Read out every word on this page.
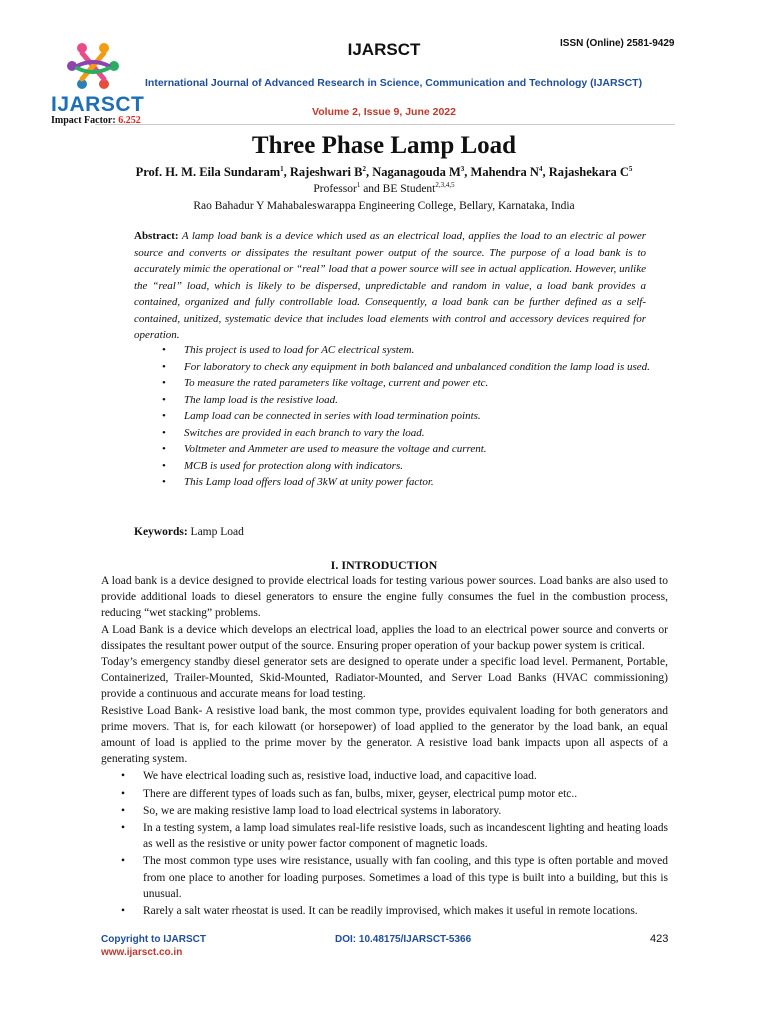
IJARSCT
Impact Factor: 6.252
IJARSCT	ISSN (Online) 2581-9429
International Journal of Advanced Research in Science, Communication and Technology (IJARSCT)
Volume 2, Issue 9, June 2022
Three Phase Lamp Load
Prof. H. M. Eila Sundaram$^1$, Rajeshwari $B^2$, Naganagouda $M^3$, Mahendra $N^4$, Rajashekara $C^5$
Professor$^1$ and BE Student$^{2,3,4,5}$
Rao Bahadur Y Mahabaleswarappa Engineering College, Bellary, Karnataka, India
Abstract: A lamp load bank is a device which used as an electrical load, applies the load to an electric al power source and converts or dissipates the resultant power output of the source. The purpose of a load bank is to accurately mimic the operational or “real” load that a power source will see in actual application. However, unlike the “real” load, which is likely to be dispersed, unpredictable and random in value, a load bank provides a contained, organized and fully controllable load. Consequently, a load bank can be further defined as a self-contained, unitized, systematic device that includes load elements with control and accessory devices required for operation.
• This project is used to load for AC electrical system.
• For laboratory to check any equipment in both balanced and unbalanced condition the lamp load is used.
• To measure the rated parameters like voltage, current and power etc.
• The lamp load is the resistive load.
• Lamp load can be connected in series with load termination points.
• Switches are provided in each branch to vary the load.
• Voltmeter and Ammeter are used to measure the voltage and current.
• MCB is used for protection along with indicators.
• This Lamp load offers load of 3kW at unity power factor.
Keywords: Lamp Load
I. INTRODUCTION

A load bank is a device designed to provide electrical loads for testing various power sources. Load banks are also used to provide additional loads to diesel generators to ensure the engine fully consumes the fuel in the combustion process, reducing “wet stacking” problems.

A Load Bank is a device which develops an electrical load, applies the load to an electrical power source and converts or dissipates the resultant power output of the source. Ensuring proper operation of your backup power system is critical.

Today’s emergency standby diesel generator sets are designed to operate under a specific load level. Permanent, Portable, Containerized, Trailer-Mounted, Skid-Mounted, Radiator-Mounted, and Server Load Banks (HVAC commissioning) provide a continuous and accurate means for load testing.

Resistive Load Bank- A resistive load bank, the most common type, provides equivalent loading for both generators and prime movers. That is, for each kilowatt (or horsepower) of load applied to the generator by the load bank, an equal amount of load is applied to the prime mover by the generator. A resistive load bank impacts upon all aspects of a generating system.

• We have electrical loading such as, resistive load, inductive load, and capacitive load.
• There are different types of loads such as fan, bulbs, mixer, geyser, electrical pump motor etc..
• So, we are making resistive lamp load to load electrical systems in laboratory.
• In a testing system, a lamp load simulates real-life resistive loads, such as incandescent lighting and heating loads as well as the resistive or unity power factor component of magnetic loads.
• The most common type uses wire resistance, usually with fan cooling, and this type is often portable and moved from one place to another for loading purposes. Sometimes a load of this type is built into a building, but this is unusual.
• Rarely a salt water rheostat is used. It can be readily improvised, which makes it useful in remote locations.
Copyright to IJARSCT
www.ijarsct.co.in
DOI: 10.48175/IJARSCT-5366	423
